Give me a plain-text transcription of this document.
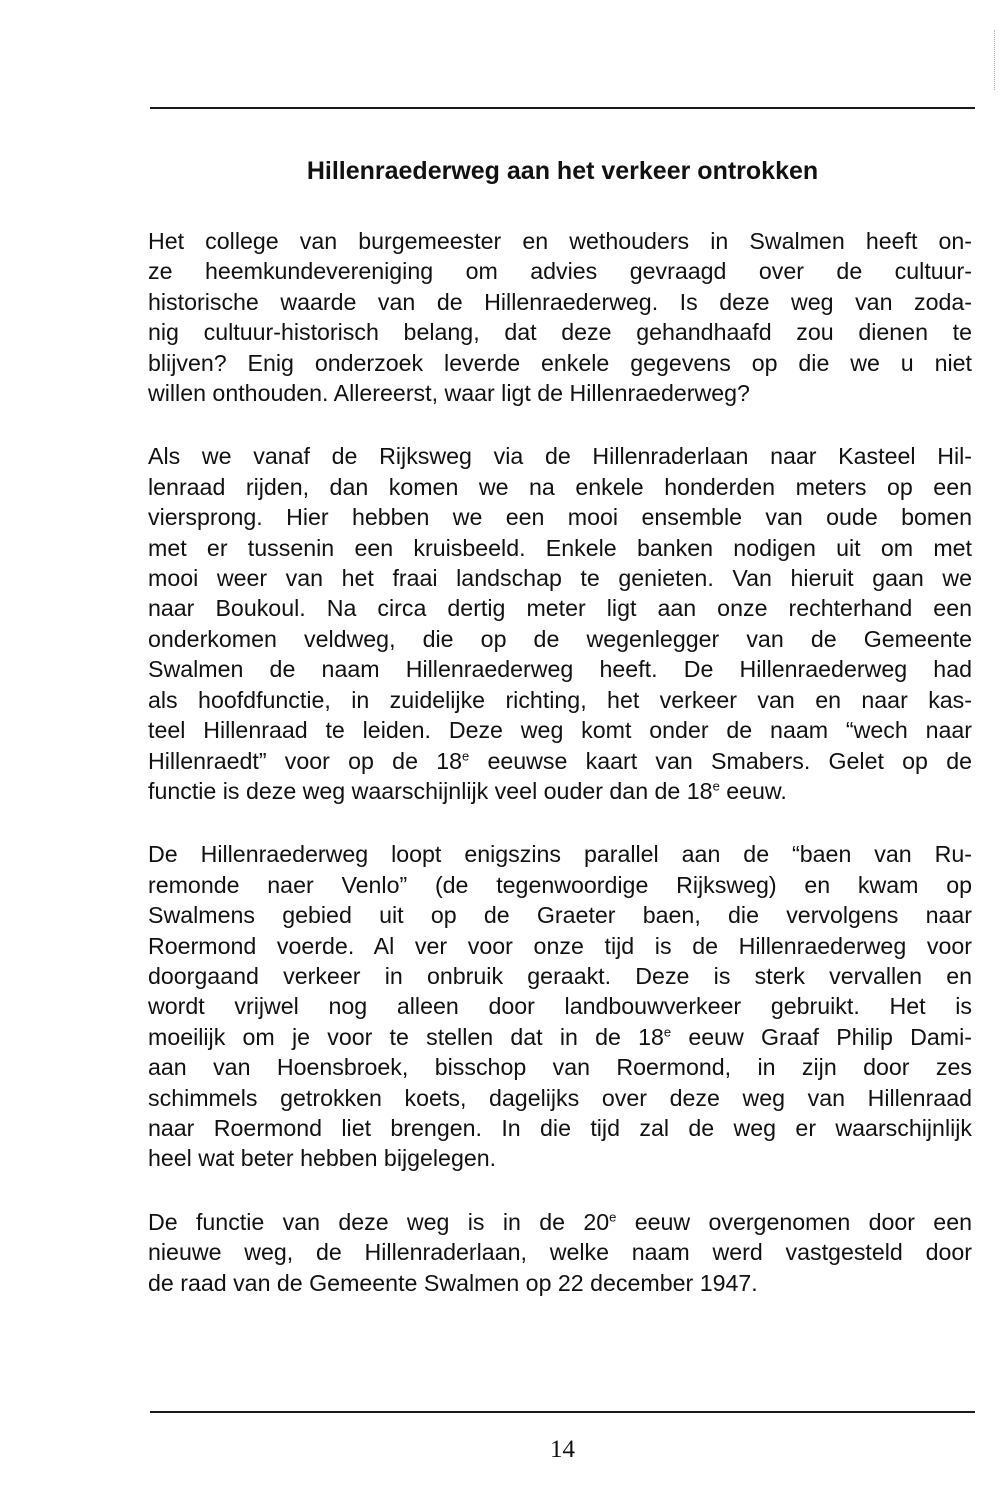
Hillenraederweg aan het verkeer ontrokken

Het college van burgemeester en wethouders in Swalmen heeft on-
ze heemkundevereniging om advies gevraagd over de cultuur-
historische waarde van de Hillenraederweg. Is deze weg van zoda-
nig cultuur-historisch belang, dat deze gehandhaafd zou dienen te
blijven? Enig onderzoek leverde enkele gegevens op die we u niet
willen onthouden. Allereerst, waar ligt de Hillenraederweg?

Als we vanaf de Rijksweg via de Hillenraderlaan naar Kasteel Hil-
lenraad rijden, dan komen we na enkele honderden meters op een
viersprong. Hier hebben we een mooi ensemble van oude bomen
met er tussenin een kruisbeeld. Enkele banken nodigen uit om met
mooi weer van het fraai landschap te genieten. Van hieruit gaan we
naar Boukoul. Na circa dertig meter ligt aan onze rechterhand een
onderkomen veldweg, die op de wegenlegger van de Gemeente
Swalmen de naam Hillenraederweg heeft. De Hillenraederweg had
als hoofdfunctie, in zuidelijke richting, het verkeer van en naar kas-
teel Hillenraad te leiden. Deze weg komt onder de naam “wech naar
Hillenraedt” voor op de 18e eeuwse kaart van Smabers. Gelet op de
functie is deze weg waarschijnlijk veel ouder dan de 18e eeuw.

De Hillenraederweg loopt enigszins parallel aan de “baen van Ru-
remonde naer Venlo” (de tegenwoordige Rijksweg) en kwam op
Swalmens gebied uit op de Graeter baen, die vervolgens naar
Roermond voerde. Al ver voor onze tijd is de Hillenraederweg voor
doorgaand verkeer in onbruik geraakt. Deze is sterk vervallen en
wordt vrijwel nog alleen door landbouwverkeer gebruikt. Het is
moeilijk om je voor te stellen dat in de 18e eeuw Graaf Philip Dami-
aan van Hoensbroek, bisschop van Roermond, in zijn door zes
schimmels getrokken koets, dagelijks over deze weg van Hillenraad
naar Roermond liet brengen. In die tijd zal de weg er waarschijnlijk
heel wat beter hebben bijgelegen.

De functie van deze weg is in de 20e eeuw overgenomen door een
nieuwe weg, de Hillenraderlaan, welke naam werd vastgesteld door
de raad van de Gemeente Swalmen op 22 december 1947.

14
